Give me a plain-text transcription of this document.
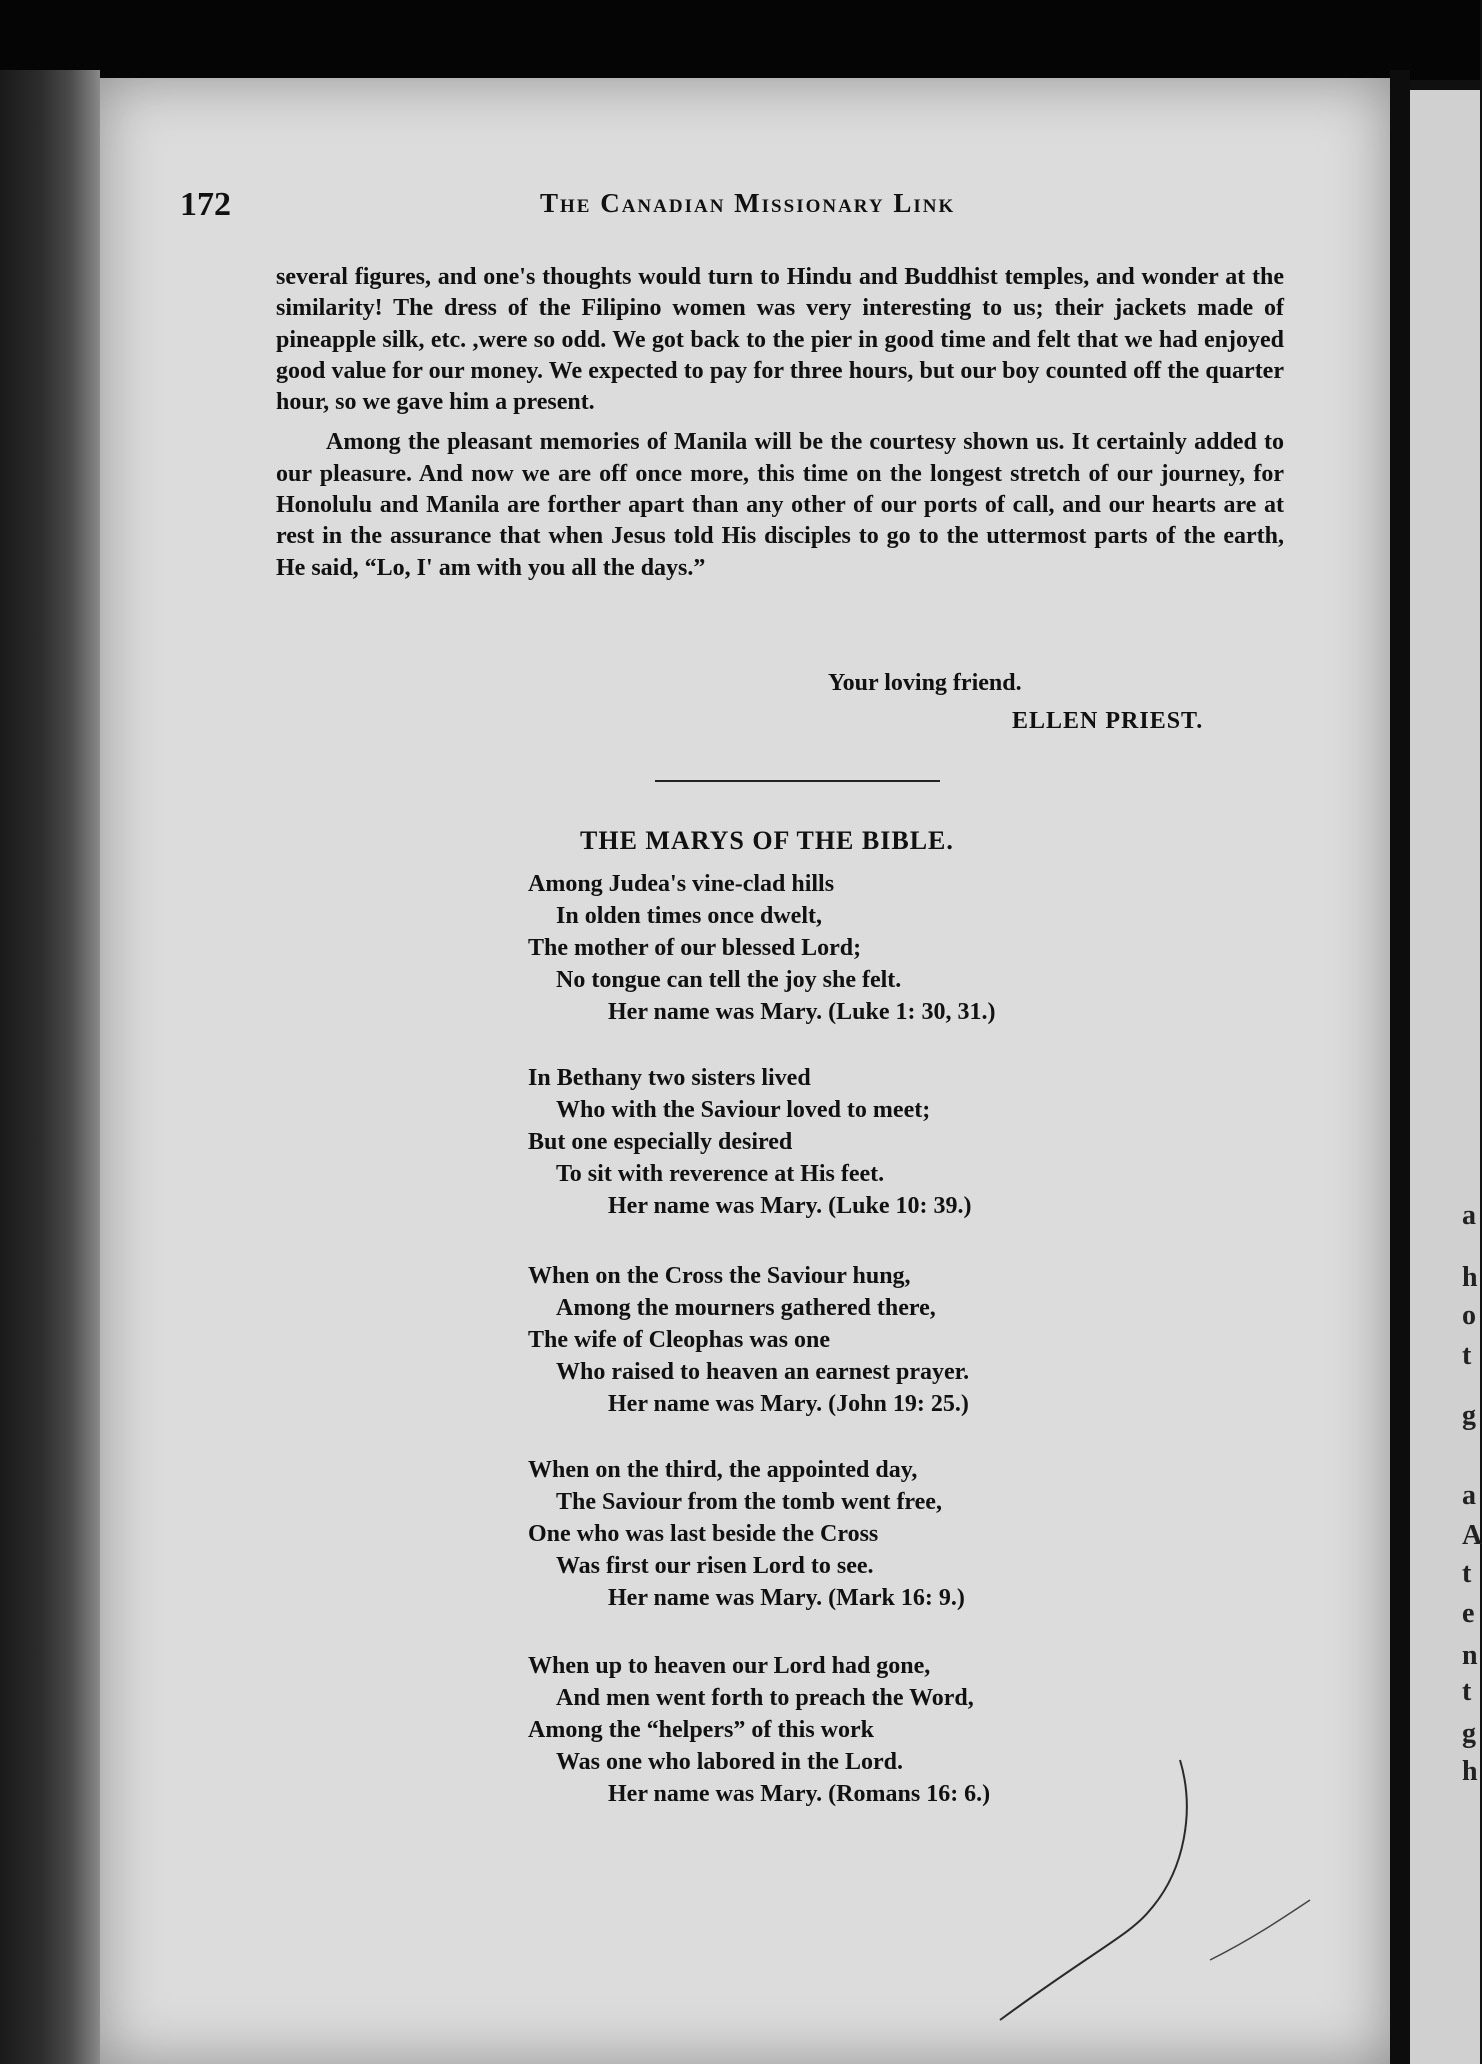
a
h
o
t
g
a
A
t
e
n
t
g
h
172	The Canadian Missionary Link

several figures, and one's thoughts would turn to Hindu and Buddhist temples, and wonder at the similarity! The dress of the Filipino women was very interesting to us; their jackets made of pineapple silk, etc. ,were so odd. We got back to the pier in good time and felt that we had enjoyed good value for our money. We expected to pay for three hours, but our boy counted off the quarter hour, so we gave him a present.

Among the pleasant memories of Manila will be the courtesy shown us. It certainly added to our pleasure. And now we are off once more, this time on the longest stretch of our journey, for Honolulu and Manila are forther apart than any other of our ports of call, and our hearts are at rest in the assurance that when Jesus told His disciples to go to the uttermost parts of the earth, He said, “Lo, I' am with you all the days.”

Your loving friend.
ELLEN PRIEST.
THE MARYS OF THE BIBLE.
Among Judea's vine-clad hills
In olden times once dwelt,
The mother of our blessed Lord;
No tongue can tell the joy she felt.
Her name was Mary. (Luke 1: 30, 31.)
In Bethany two sisters lived
Who with the Saviour loved to meet;
But one especially desired
To sit with reverence at His feet.
Her name was Mary. (Luke 10: 39.)
When on the Cross the Saviour hung,
Among the mourners gathered there,
The wife of Cleophas was one
Who raised to heaven an earnest prayer.
Her name was Mary. (John 19: 25.)
When on the third, the appointed day,
The Saviour from the tomb went free,
One who was last beside the Cross
Was first our risen Lord to see.
Her name was Mary. (Mark 16: 9.)
When up to heaven our Lord had gone,
And men went forth to preach the Word,
Among the “helpers” of this work
Was one who labored in the Lord.
Her name was Mary. (Romans 16: 6.)
